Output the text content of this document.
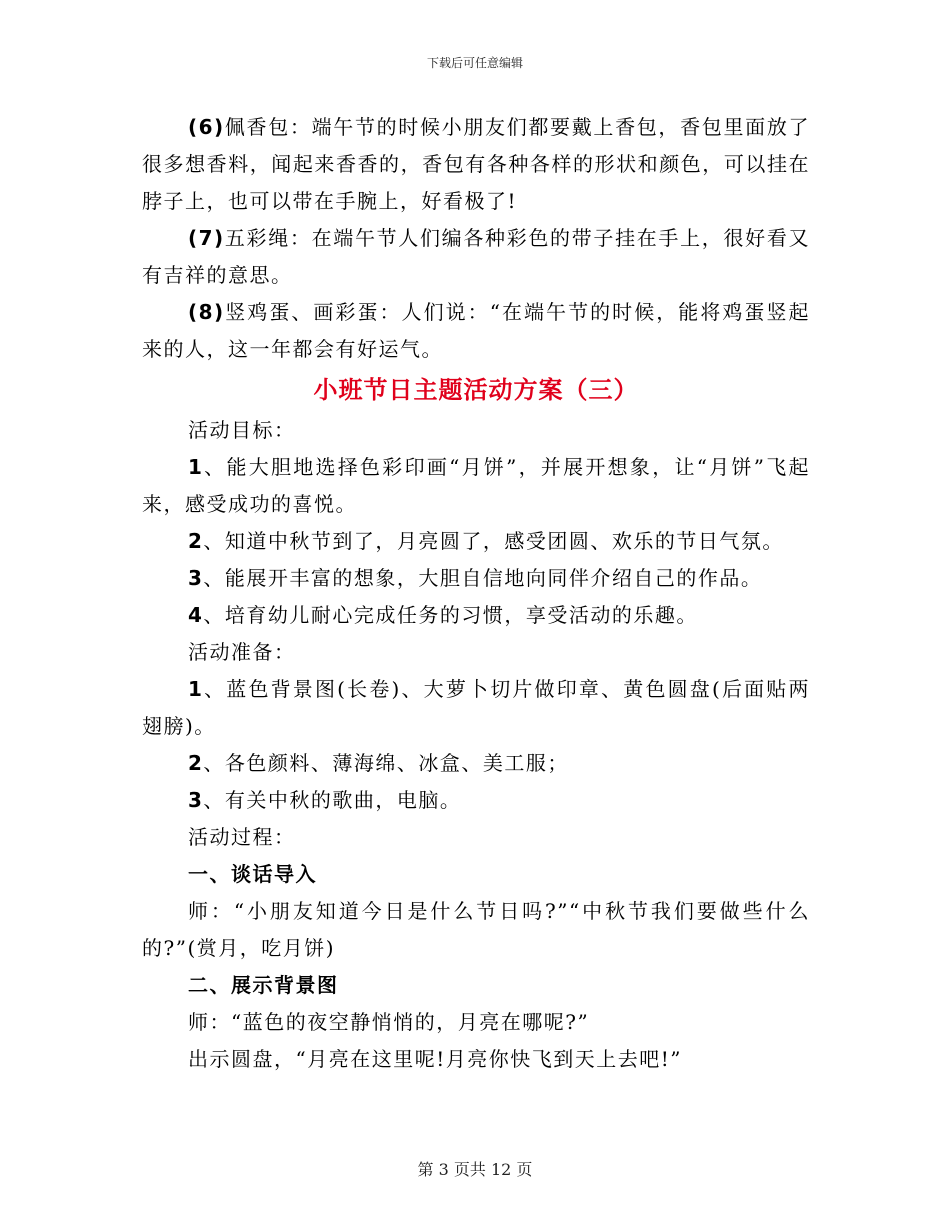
下载后可任意编辑

(6)佩香包：端午节的时候小朋友们都要戴上香包，香包里面放了很多想香料，闻起来香香的，香包有各种各样的形状和颜色，可以挂在脖子上，也可以带在手腕上，好看极了!

(7)五彩绳：在端午节人们编各种彩色的带子挂在手上，很好看又有吉祥的意思。

(8)竖鸡蛋、画彩蛋：人们说：“在端午节的时候，能将鸡蛋竖起来的人，这一年都会有好运气。

小班节日主题活动方案（三）

活动目标：

1、能大胆地选择色彩印画“月饼”，并展开想象，让“月饼”飞起来，感受成功的喜悦。

2、知道中秋节到了，月亮圆了，感受团圆、欢乐的节日气氛。

3、能展开丰富的想象，大胆自信地向同伴介绍自己的作品。

4、培育幼儿耐心完成任务的习惯，享受活动的乐趣。

活动准备：

1、蓝色背景图(长卷)、大萝卜切片做印章、黄色圆盘(后面贴两翅膀)。

2、各色颜料、薄海绵、冰盒、美工服；

3、有关中秋的歌曲，电脑。

活动过程：

一、谈话导入

师：“小朋友知道今日是什么节日吗?”“中秋节我们要做些什么的?”(赏月，吃月饼)

二、展示背景图

师：“蓝色的夜空静悄悄的，月亮在哪呢?”

出示圆盘，“月亮在这里呢!月亮你快飞到天上去吧!”

第 3 页共 12 页
